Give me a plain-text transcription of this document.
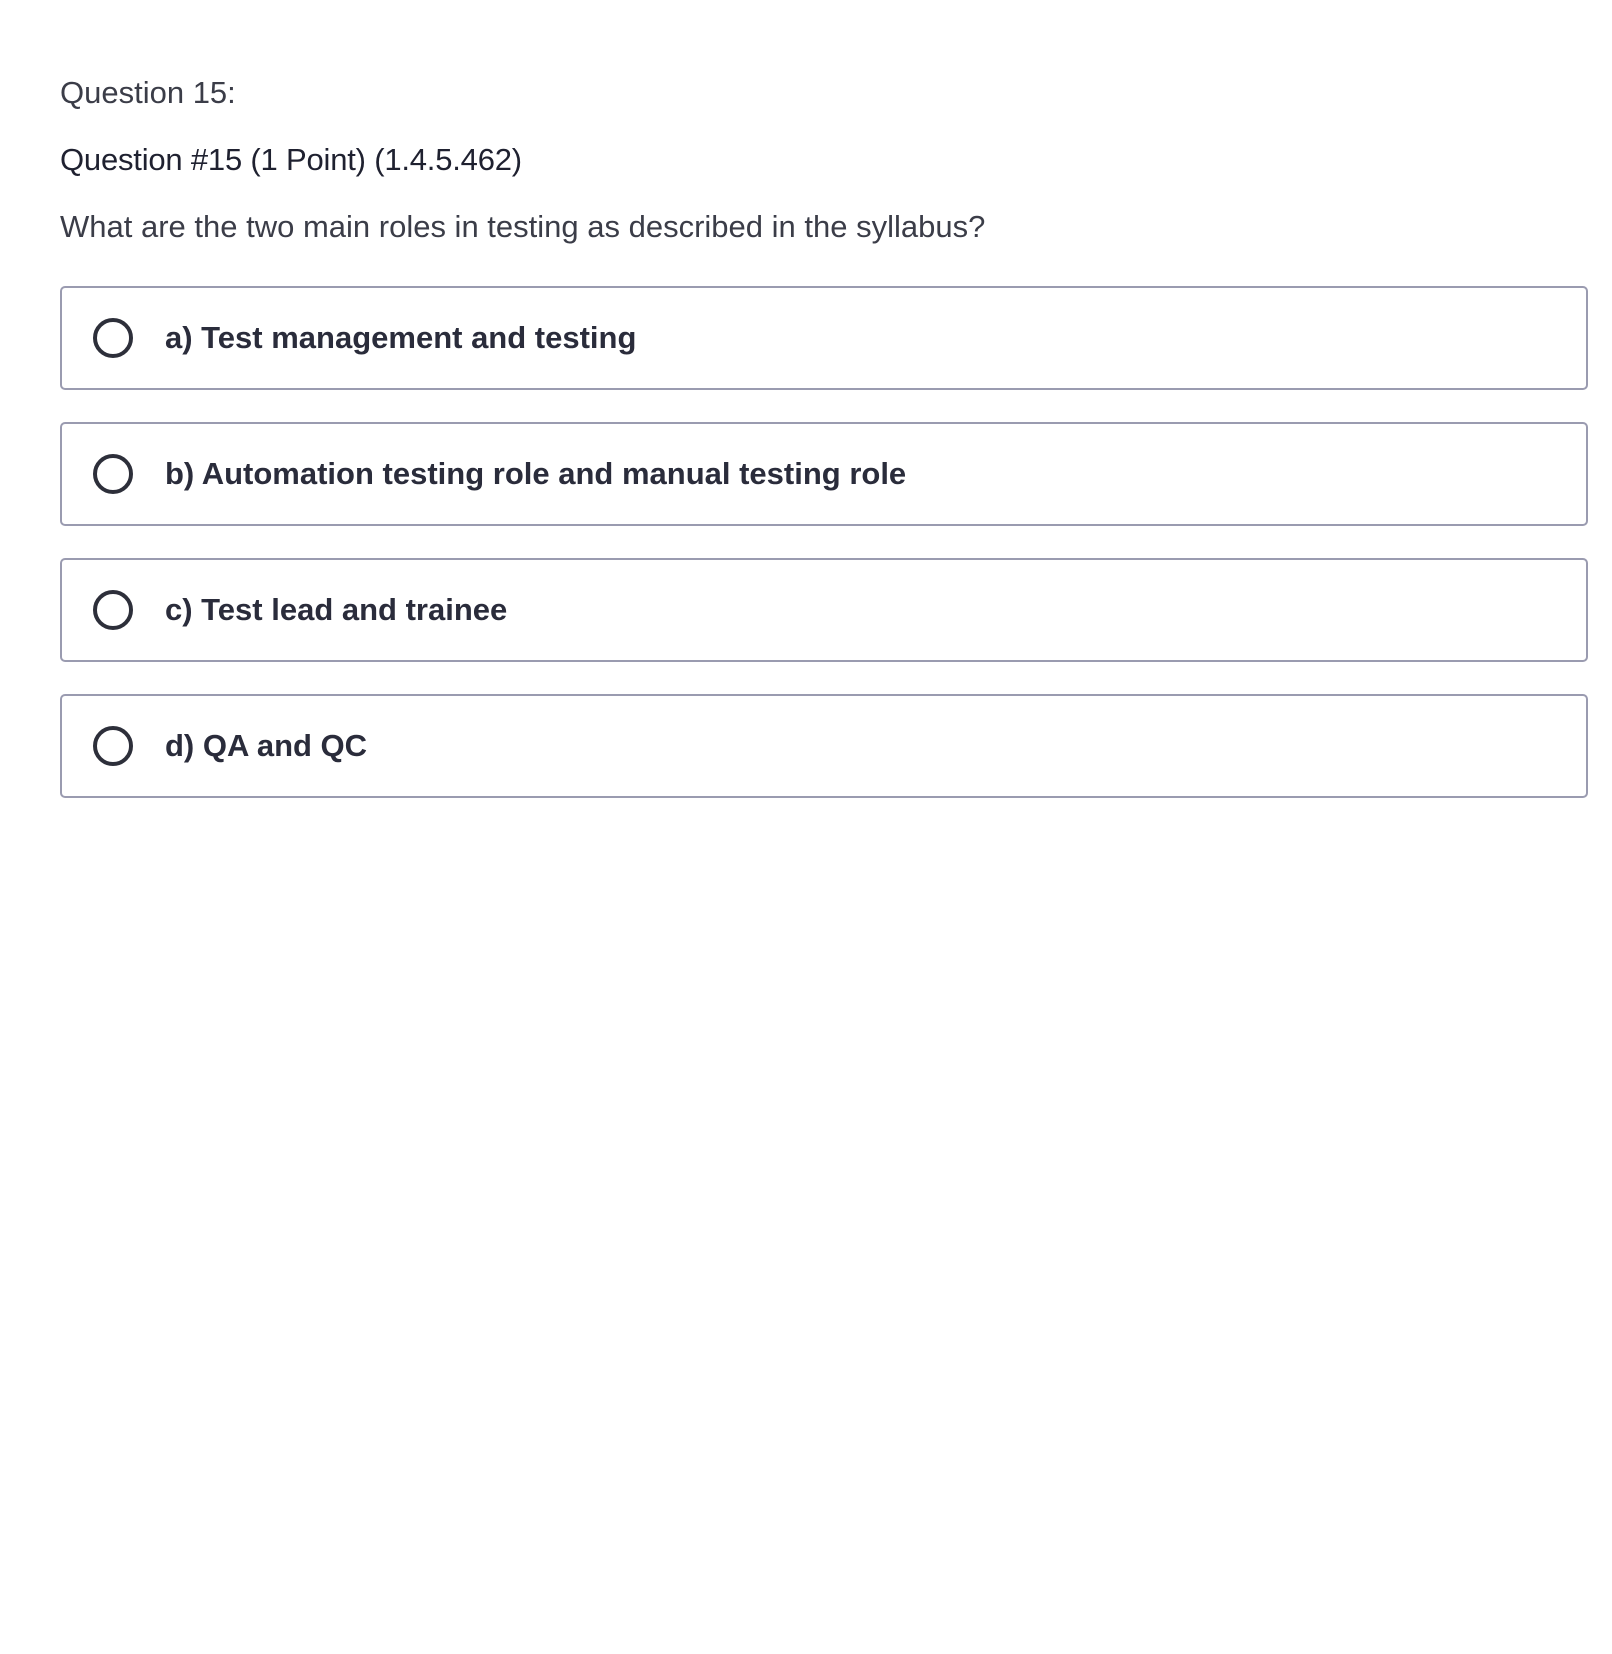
Question 15:

Question #15 (1 Point) (1.4.5.462)

What are the two main roles in testing as described in the syllabus?

a) Test management and testing
b) Automation testing role and manual testing role
c) Test lead and trainee
d) QA and QC
